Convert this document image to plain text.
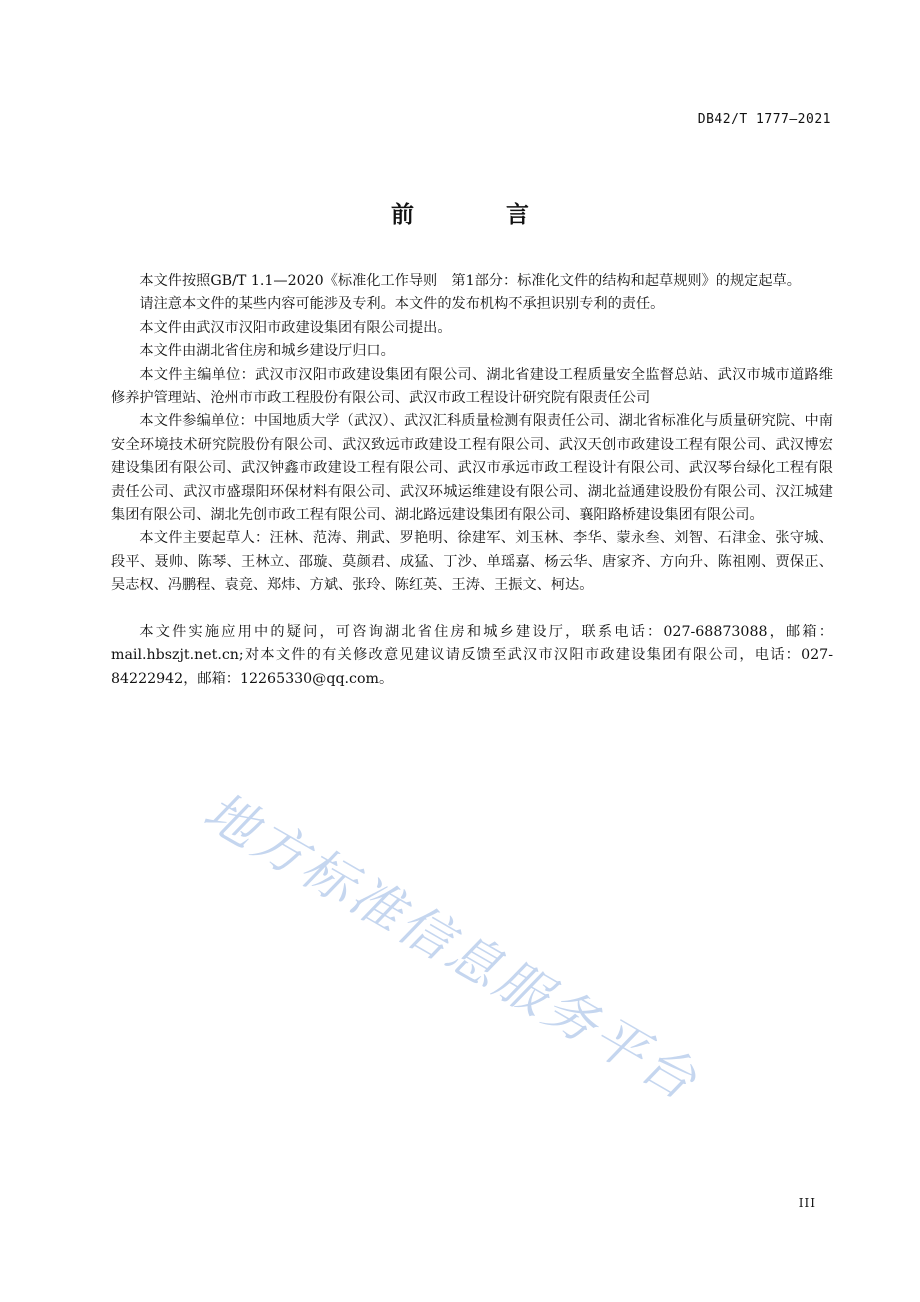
DB42/T 1777—2021
前 言

本文件按照GB/T 1.1—2020《标准化工作导则　第1部分：标准化文件的结构和起草规则》的规定起草。

请注意本文件的某些内容可能涉及专利。本文件的发布机构不承担识别专利的责任。

本文件由武汉市汉阳市政建设集团有限公司提出。

本文件由湖北省住房和城乡建设厅归口。

本文件主编单位：武汉市汉阳市政建设集团有限公司、湖北省建设工程质量安全监督总站、武汉市城市道路维修养护管理站、沧州市市政工程股份有限公司、武汉市政工程设计研究院有限责任公司

本文件参编单位：中国地质大学（武汉）、武汉汇科质量检测有限责任公司、湖北省标准化与质量研究院、中南安全环境技术研究院股份有限公司、武汉致远市政建设工程有限公司、武汉天创市政建设工程有限公司、武汉博宏建设集团有限公司、武汉钟鑫市政建设工程有限公司、武汉市承远市政工程设计有限公司、武汉琴台绿化工程有限责任公司、武汉市盛璟阳环保材料有限公司、武汉环城运维建设有限公司、湖北益通建设股份有限公司、汉江城建集团有限公司、湖北先创市政工程有限公司、湖北路远建设集团有限公司、襄阳路桥建设集团有限公司。

本文件主要起草人：汪林、范涛、荆武、罗艳明、徐建军、刘玉林、李华、蒙永叁、刘智、石津金、张守城、段平、聂帅、陈琴、王林立、邵璇、莫颜君、成猛、丁沙、单瑶嘉、杨云华、唐家齐、方向升、陈祖刚、贾保正、吴志权、冯鹏程、袁竞、郑炜、方斌、张玲、陈红英、王涛、王振文、柯达。

本文件实施应用中的疑问，可咨询湖北省住房和城乡建设厅，联系电话：027-68873088，邮箱：mail.hbszjt.net.cn;对本文件的有关修改意见建议请反馈至武汉市汉阳市政建设集团有限公司，电话：027-84222942，邮箱：12265330@qq.com。

地方标准信息服务平台
III
